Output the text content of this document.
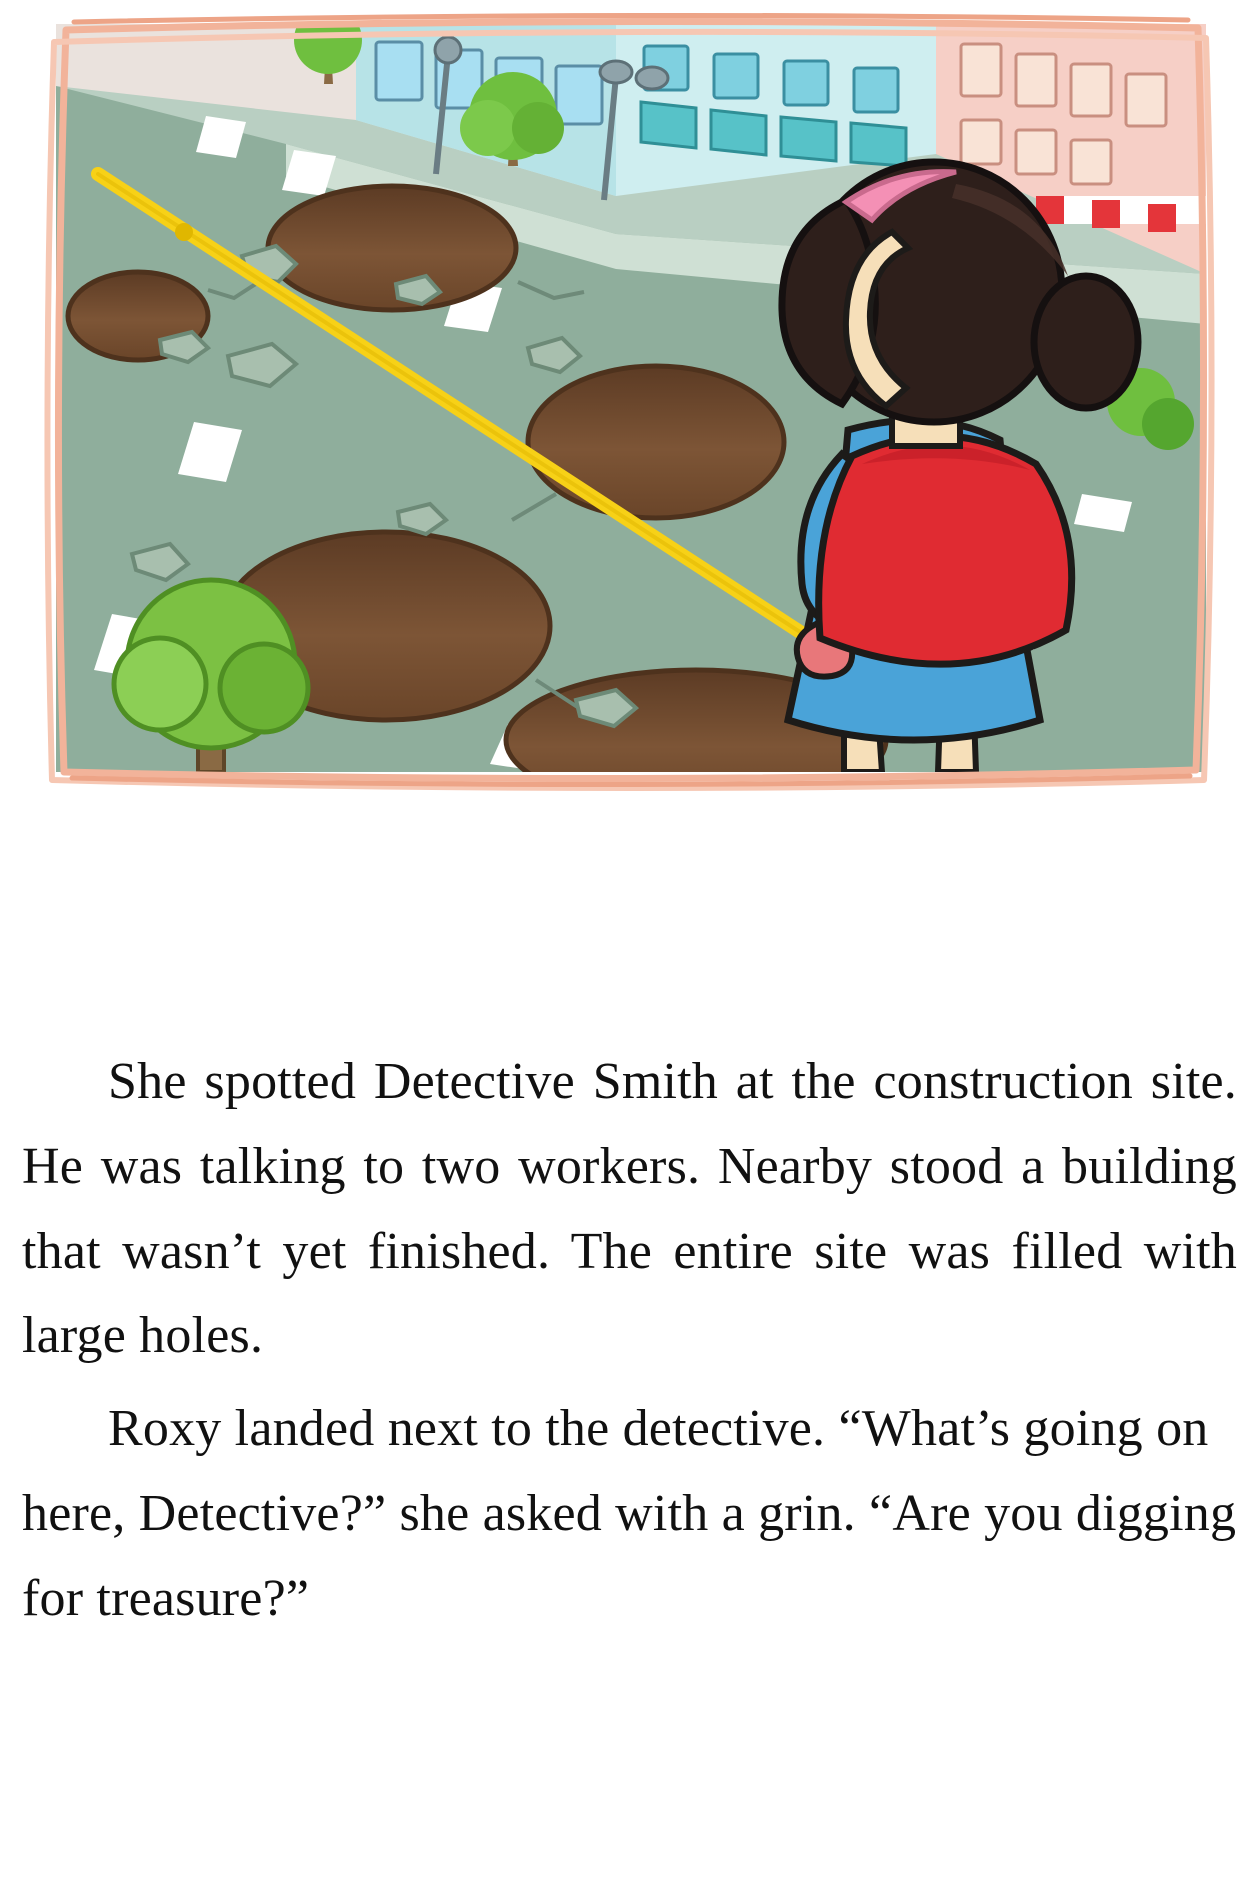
She spotted Detective Smith at the construction site. He was talking to two workers. Nearby stood a building that wasn’t yet finished. The entire site was filled with large holes.

Roxy landed next to the detective. “What’s going on here, Detective?” she asked with a grin. “Are you digging for treasure?”
